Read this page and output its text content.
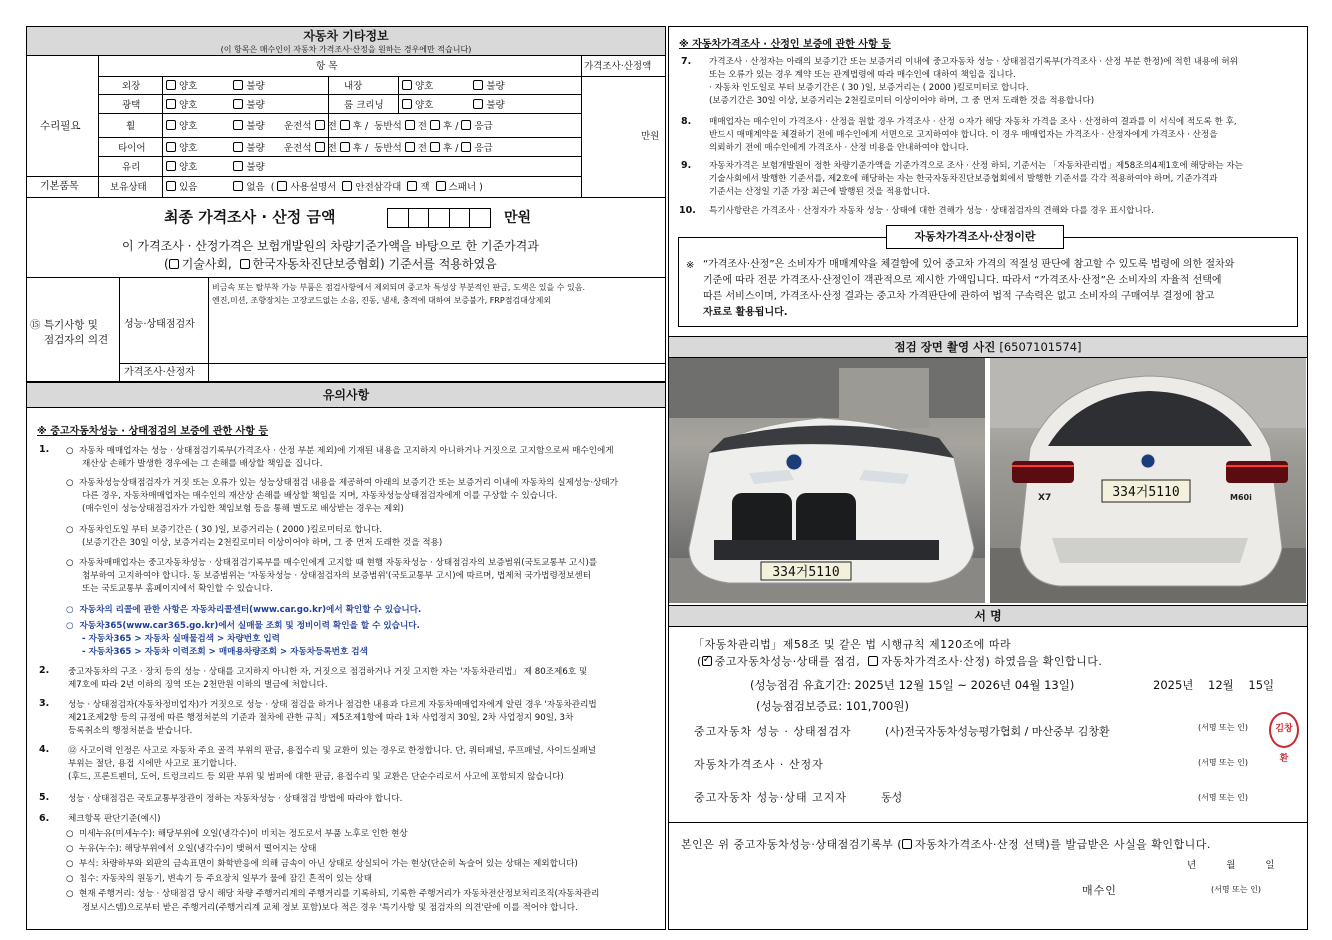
자동차 기타정보
(이 항목은 매수인이 자동차 가격조사·산정을 원하는 경우에만 적습니다)
항 목	가격조사·산정액
수리필요
만원
기본품목
외장	양호	불량	내장	양호	불량
광택	양호	불량	룸 크리닝	양호	불량
휠	양호	불량 운전석 전 후 /  동반석 전 후 / 응급
타이어	양호	불량 운전석 전 후 /  동반석 전 후 / 응급
유리	양호	불량
보유상태	있음	없음  ( 사용설명서 안전삼각대 잭 스패너 )
최종 가격조사 · 산정 금액	만원
이 가격조사 · 산정가격은 보험개발원의 차량기준가액을 바탕으로 한 기준가격과
( 기술사회, 한국자동차진단보증협회) 기준서를 적용하였음
⑮ 특기사항 및
점검자의 의견
성능·상태점검자
가격조사·산정자
비금속 또는 탈부착 가능 부품은 점검사항에서 제외되며 중고차 특성상 부분적인 판금, 도색은 있을 수 있음.
엔진,미션, 조향장치는 고장코드없는 소음, 진동, 냄새, 충격에 대하여 보증불가, FRP점검대상제외
유의사항
※ 중고자동차성능 · 상태점검의 보증에 관한 사항 등
1. ○  자동차 매매업자는 성능 · 상태점검기록부(가격조사 · 산정 부분 제외)에 기재된 내용을 고지하지 아니하거나 거짓으로 고지함으로써 매수인에게
재산상 손해가 발생한 경우에는 그 손해를 배상할 책임을 집니다.
○  자동차성능상태점검자가 거짓 또는 오류가 있는 성능상태점검 내용을 제공하여 아래의 보증기간 또는 보증거리 이내에 자동차의 실제성능·상태가
다른 경우, 자동차매매업자는 매수인의 재산상 손해를 배상할 책임을 지며, 자동차성능상태점검자에게 이를 구상할 수 있습니다.
(매수인이 성능상태점검자가 가입한 책임보험 등을 통해 별도로 배상받는 경우는 제외)
○  자동차인도일 부터 보증기간은 ( 30 )일, 보증거리는 ( 2000 )킬로미터로 합니다.
(보증기간은 30일 이상, 보증거리는 2천킬로미터 이상이어야 하며, 그 중 먼저 도래한 것을 적용)
○  자동차매매업자는 중고자동차성능 · 상태점검기록부를 매수인에게 고지할 때 현행 자동차성능 · 상태점검자의 보증범위(국토교통부 고시)를
첨부하여 고지하여야 합니다. 동 보증범위는 '자동차성능 · 상태점검자의 보증범위'(국토교통부 고시)에 따르며, 법제처 국가법령정보센터
또는 국토교통부 홈페이지에서 확인할 수 있습니다.
○  자동차의 리콜에 관한 사항은 자동차리콜센터(www.car.go.kr)에서 확인할 수 있습니다.
○  자동차365(www.car365.go.kr)에서 실매물 조회 및 정비이력 확인을 할 수 있습니다.
- 자동차365 > 자동차 실매물검색 > 차량번호 입력
- 자동차365 > 자동차 이력조회 > 매매용차량조회 > 자동차등록번호 검색
2. 중고자동차의 구조 · 장치 등의 성능 · 상태를 고지하지 아니한 자, 거짓으로 점검하거나 거짓 고지한 자는 '자동차관리법」 제 80조제6호 및
제7호에 따라 2년 이하의 징역 또는 2천만원 이하의 벌금에 처합니다.
3. 성능 · 상태점검자(자동차정비업자)가 거짓으로 성능 · 상태 점검을 하거나 점검한 내용과 다르게 자동차매매업자에게 알린 경우 '자동차관리법
제21조제2항 등의 규정에 따른 행정처분의 기준과 절차에 관한 규칙」제5조제1항에 따라 1차 사업정지 30일, 2차 사업정지 90일, 3차
등록취소의 행정처분을 받습니다.
4. ⑫ 사고이력 인정은 사고로 자동차 주요 골격 부위의 판금, 용접수리 및 교환이 있는 경우로 한정합니다. 단, 쿼터패널, 루프패널, 사이드실패널
부위는 절단, 용접 시에만 사고로 표기합니다.
(후드, 프론트펜더, 도어, 트렁크리드 등 외판 부위 및 범퍼에 대한 판금, 용접수리 및 교환은 단순수리로서 사고에 포함되지 않습니다)
5. 성능 · 상태점검은 국토교통부장관이 정하는 자동차성능 · 상태점검 방법에 따라야 합니다.
6. 체크항목 판단기준(예시)
○  미세누유(미세누수): 해당부위에 오일(냉각수)이 비치는 정도로서 부품 노후로 인한 현상
○  누유(누수): 해당부위에서 오일(냉각수)이 맺혀서 떨어지는 상태
○  부식: 차량하부와 외판의 금속표면이 화학반응에 의해 금속이 아닌 상태로 상실되어 가는 현상(단순히 녹슬어 있는 상태는 제외합니다)
○  침수: 자동차의 원동기, 변속기 등 주요장치 일부가 물에 잠긴 흔적이 있는 상태
○  현재 주행거리: 성능 · 상태점검 당시 해당 차량 주행거리계의 주행거리를 기록하되, 기록한 주행거리가 자동차전산정보처리조직(자동차관리
정보시스템)으로부터 받은 주행거리(주행거리계 교체 정보 포함)보다 적은 경우 '특기사항 및 점검자의 의견'란에 이를 적어야 합니다.
※ 자동차가격조사 · 산정인 보증에 관한 사항 등
7. 가격조사 · 산정자는 아래의 보증기간 또는 보증거리 이내에 중고자동차 성능 · 상태점검기록부(가격조사 · 산정 부분 한정)에 적힌 내용에 허위
또는 오류가 있는 경우 계약 또는 관계법령에 따라 매수인에 대하여 책임을 집니다.
· 자동차 인도일로 부터 보증기간은 ( 30 )일, 보증거리는 ( 2000 )킬로미터로 합니다.
(보증기간은 30일 이상, 보증거리는 2천킬로미터 이상이어야 하며, 그 중 먼저 도래한 것을 적용합니다)
8. 매매업자는 매수인이 가격조사 · 산정을 원할 경우 가격조사 · 산정 ㅇ자가 해당 자동차 가격을 조사 · 산정하여 결과를 이 서식에 적도록 한 후,
반드시 매매계약을 체결하기 전에 매수인에게 서면으로 고지하여야 합니다. 이 경우 매매업자는 가격조사 · 산정자에게 가격조사 · 산정을
의뢰하기 전에 매수인에게 가격조사 · 산정 비용을 안내하여야 합니다.
9. 자동차가격은 보험개발원이 정한 차량기준가액을 기준가격으로 조사 · 산정 하되, 기준서는 「자동차관리법」제58조의4제1호에 해당하는 자는
기술사회에서 발행한 기준서를, 제2호에 해당하는 자는 한국자동차진단보증협회에서 발행한 기준서를 각각 적용하여야 하며, 기준가격과
기준서는 산정일 기준 가장 최근에 발행된 것을 적용합니다.
10. 특기사항란은 가격조사 · 산정자가 자동차 성능 · 상태에 대한 견해가 성능 · 상태점검자의 견해와 다를 경우 표시합니다.
※ “가격조사·산정”은 소비자가 매매계약을 체결함에 있어 중고차 가격의 적절성 판단에 참고할 수 있도록 법령에 의한 절차와
기준에 따라 전문 가격조사·산정인이 객관적으로 제시한 가액입니다. 따라서 “가격조사·산정”은 소비자의 자율적 선택에
따른 서비스이며, 가격조사·산정 결과는 중고차 가격판단에 관하여 법적 구속력은 없고 소비자의 구매여부 결정에 참고
자료로 활용됩니다.
자동차가격조사·산정이란
점검 장면 촬영 사진 [6507101574]
334거5110
X7	M60i
334거5110
서 명
「자동차관리법」제58조 및 같은 법 시행규칙 제120조에 따라
(✓ 중고자동차성능·상태를 점검, 자동차가격조사·산정) 하였음을 확인합니다.
(성능점검 유효기간: 2025년 12월 15일 ~ 2026년 04월 13일)	2025년 12월 15일
(성능점검보증료: 101,700원)
중고자동차 성능 · 상태점검자	(사)전국자동차성능평가협회 / 마산중부 김창환	(서명 또는 인)	김창환
자동차가격조사 · 산정자	(서명 또는 인)
중고자동차 성능·상태 고지자	동성	(서명 또는 인)
본인은 위 중고자동차성능·상태점검기록부 ( 자동차가격조사·산정 선택)를 발급받은 사실을 확인합니다.
년	월	일
매수인	(서명 또는 인)
